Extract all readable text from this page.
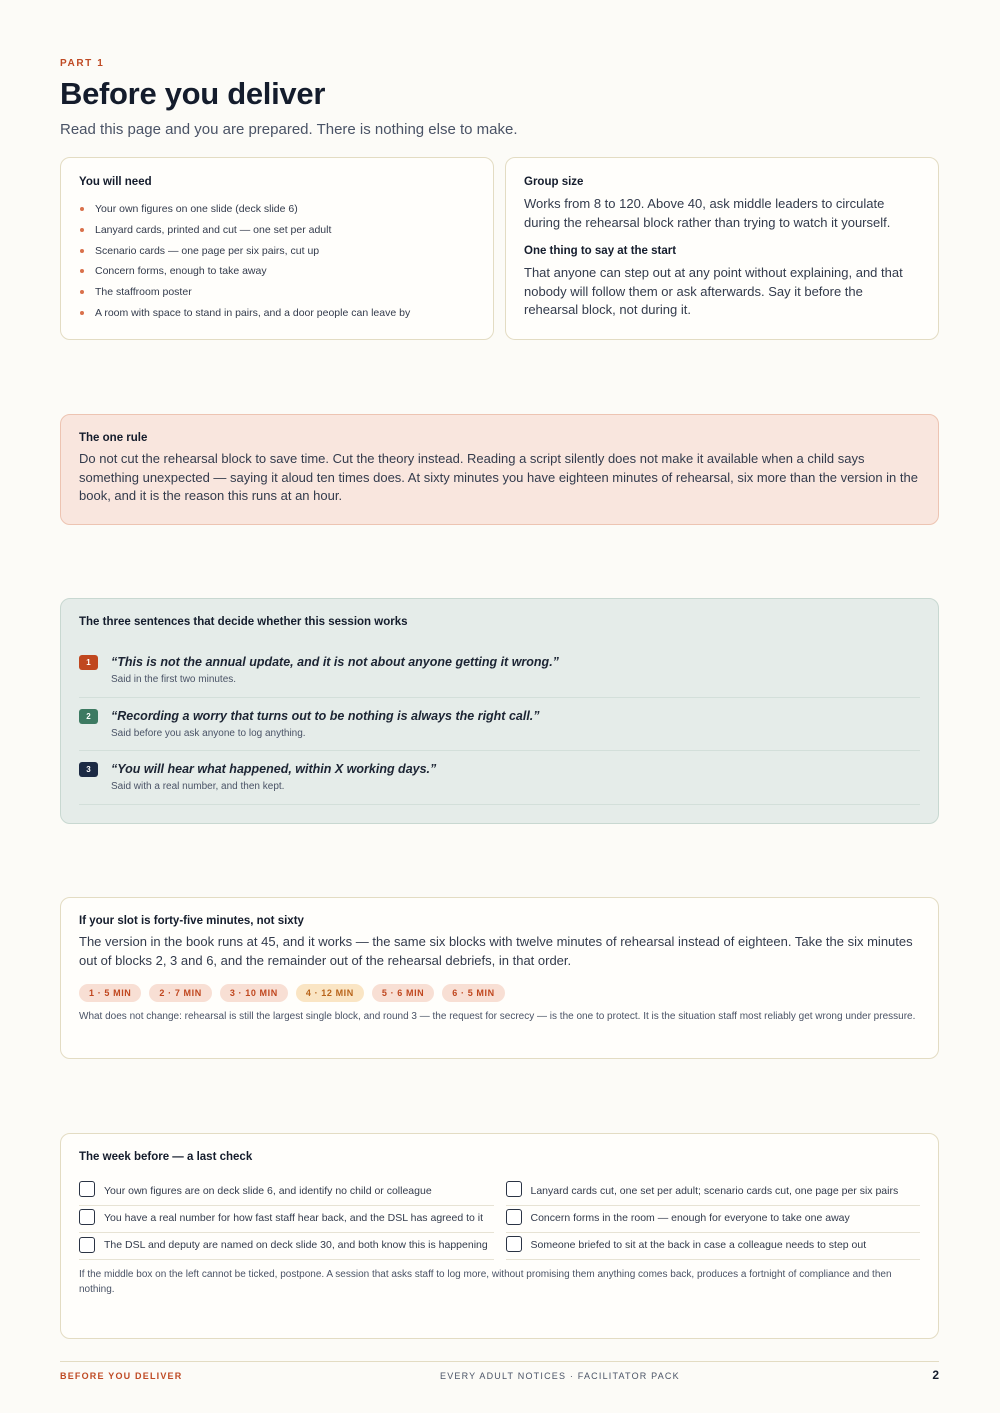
PART 1
Before you deliver

Read this page and you are prepared. There is nothing else to make.

You will need
Your own figures on one slide (deck slide 6)
Lanyard cards, printed and cut — one set per adult
Scenario cards — one page per six pairs, cut up
Concern forms, enough to take away
The staffroom poster
A room with space to stand in pairs, and a door people can leave by
Group size

Works from 8 to 120. Above 40, ask middle leaders to circulate during the rehearsal block rather than trying to watch it yourself.

One thing to say at the start

That anyone can step out at any point without explaining, and that nobody will follow them or ask afterwards. Say it before the rehearsal block, not during it.

The one rule

Do not cut the rehearsal block to save time. Cut the theory instead. Reading a script silently does not make it available when a child says something unexpected — saying it aloud ten times does. At sixty minutes you have eighteen minutes of rehearsal, six more than the version in the book, and it is the reason this runs at an hour.

The three sentences that decide whether this session works
1	“This is not the annual update, and it is not about anyone getting it wrong.”
Said in the first two minutes.
2	“Recording a worry that turns out to be nothing is always the right call.”
Said before you ask anyone to log anything.
3	“You will hear what happened, within X working days.”
Said with a real number, and then kept.
If your slot is forty-five minutes, not sixty

The version in the book runs at 45, and it works — the same six blocks with twelve minutes of rehearsal instead of eighteen. Take the six minutes out of blocks 2, 3 and 6, and the remainder out of the rehearsal debriefs, in that order.

1 · 5 MIN	2 · 7 MIN	3 · 10 MIN	4 · 12 MIN	5 · 6 MIN	6 · 5 MIN

What does not change: rehearsal is still the largest single block, and round 3 — the request for secrecy — is the one to protect. It is the situation staff most reliably get wrong under pressure.

The week before — a last check
Your own figures are on deck slide 6, and identify no child or colleague
You have a real number for how fast staff hear back, and the DSL has agreed to it
The DSL and deputy are named on deck slide 30, and both know this is happening
Lanyard cards cut, one set per adult; scenario cards cut, one page per six pairs
Concern forms in the room — enough for everyone to take one away
Someone briefed to sit at the back in case a colleague needs to step out

If the middle box on the left cannot be ticked, postpone. A session that asks staff to log more, without promising them anything comes back, produces a fortnight of compliance and then nothing.

BEFORE YOU DELIVER	EVERY ADULT NOTICES · FACILITATOR PACK	2
